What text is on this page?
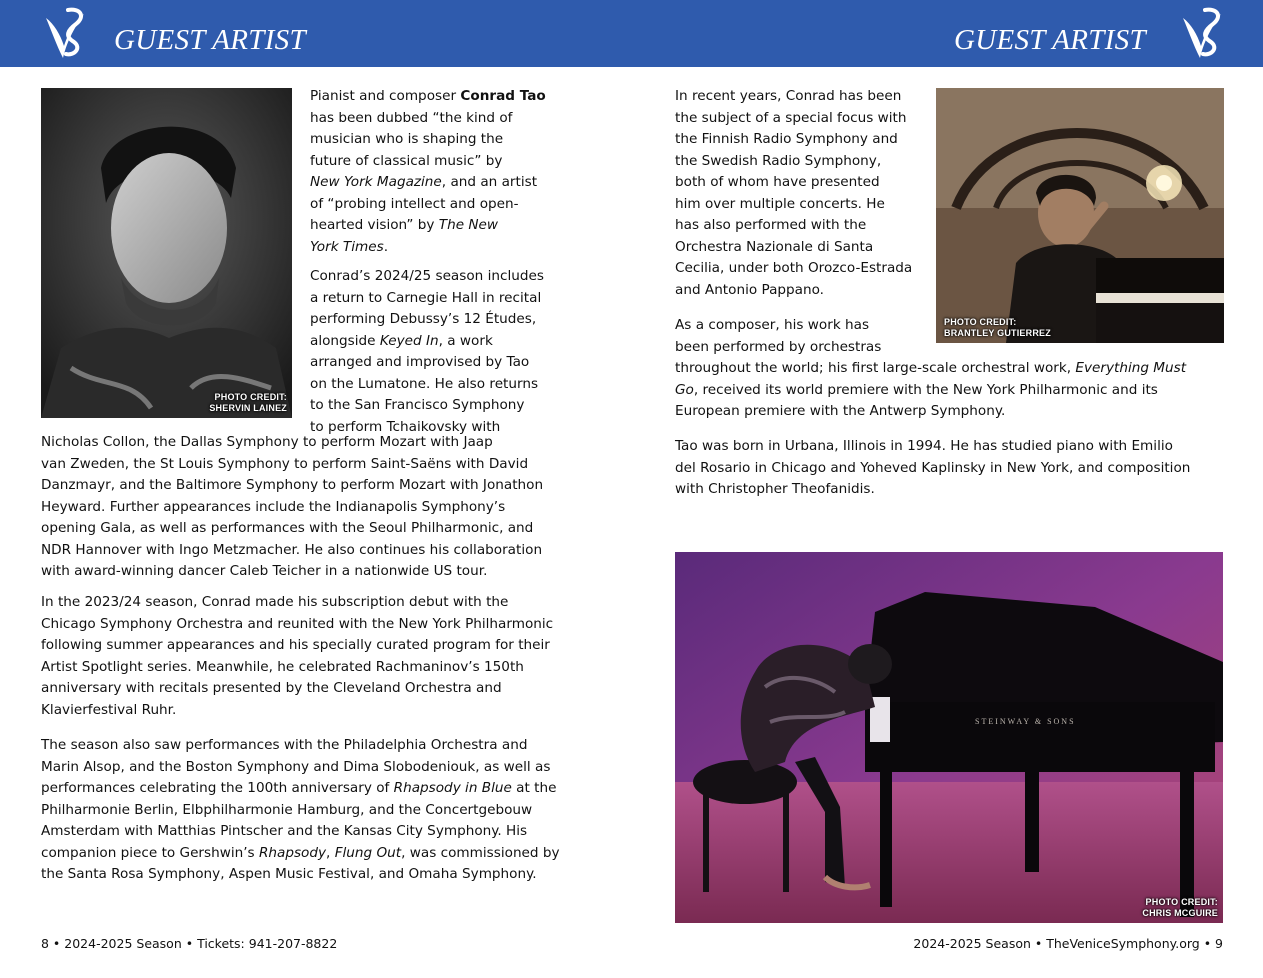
GUEST ARTIST	GUEST ARTIST
PHOTO CREDIT:
SHERVIN LAINEZ
PHOTO CREDIT:
BRANTLEY GUTIERREZ
STEINWAY & SONS
PHOTO CREDIT:
CHRIS MCGUIRE
Pianist and composer Conrad Tao
has been dubbed “the kind of
musician who is shaping the
future of classical music” by
New York Magazine, and an artist
of “probing intellect and open-
hearted vision” by The New
York Times.
Conrad’s 2024/25 season includes
a return to Carnegie Hall in recital
performing Debussy’s 12 Études,
alongside Keyed In, a work
arranged and improvised by Tao
on the Lumatone. He also returns
to the San Francisco Symphony
to perform Tchaikovsky with
Nicholas Collon, the Dallas Symphony to perform Mozart with Jaap
van Zweden, the St Louis Symphony to perform Saint-Saëns with David
Danzmayr, and the Baltimore Symphony to perform Mozart with Jonathon
Heyward. Further appearances include the Indianapolis Symphony’s
opening Gala, as well as performances with the Seoul Philharmonic, and
NDR Hannover with Ingo Metzmacher. He also continues his collaboration
with award-winning dancer Caleb Teicher in a nationwide US tour.
In the 2023/24 season, Conrad made his subscription debut with the
Chicago Symphony Orchestra and reunited with the New York Philharmonic
following summer appearances and his specially curated program for their
Artist Spotlight series. Meanwhile, he celebrated Rachmaninov’s 150th
anniversary with recitals presented by the Cleveland Orchestra and
Klavierfestival Ruhr.
The season also saw performances with the Philadelphia Orchestra and
Marin Alsop, and the Boston Symphony and Dima Slobodeniouk, as well as
performances celebrating the 100th anniversary of Rhapsody in Blue at the
Philharmonie Berlin, Elbphilharmonie Hamburg, and the Concertgebouw
Amsterdam with Matthias Pintscher and the Kansas City Symphony. His
companion piece to Gershwin’s Rhapsody, Flung Out, was commissioned by
the Santa Rosa Symphony, Aspen Music Festival, and Omaha Symphony.
In recent years, Conrad has been
the subject of a special focus with
the Finnish Radio Symphony and
the Swedish Radio Symphony,
both of whom have presented
him over multiple concerts. He
has also performed with the
Orchestra Nazionale di Santa
Cecilia, under both Orozco-Estrada
and Antonio Pappano.
As a composer, his work has
been performed by orchestras
throughout the world; his first large-scale orchestral work, Everything Must
Go, received its world premiere with the New York Philharmonic and its
European premiere with the Antwerp Symphony.
Tao was born in Urbana, Illinois in 1994. He has studied piano with Emilio
del Rosario in Chicago and Yoheved Kaplinsky in New York, and composition
with Christopher Theofanidis.
8 • 2024-2025 Season • Tickets: 941-207-8822	2024-2025 Season • TheVeniceSymphony.org • 9
